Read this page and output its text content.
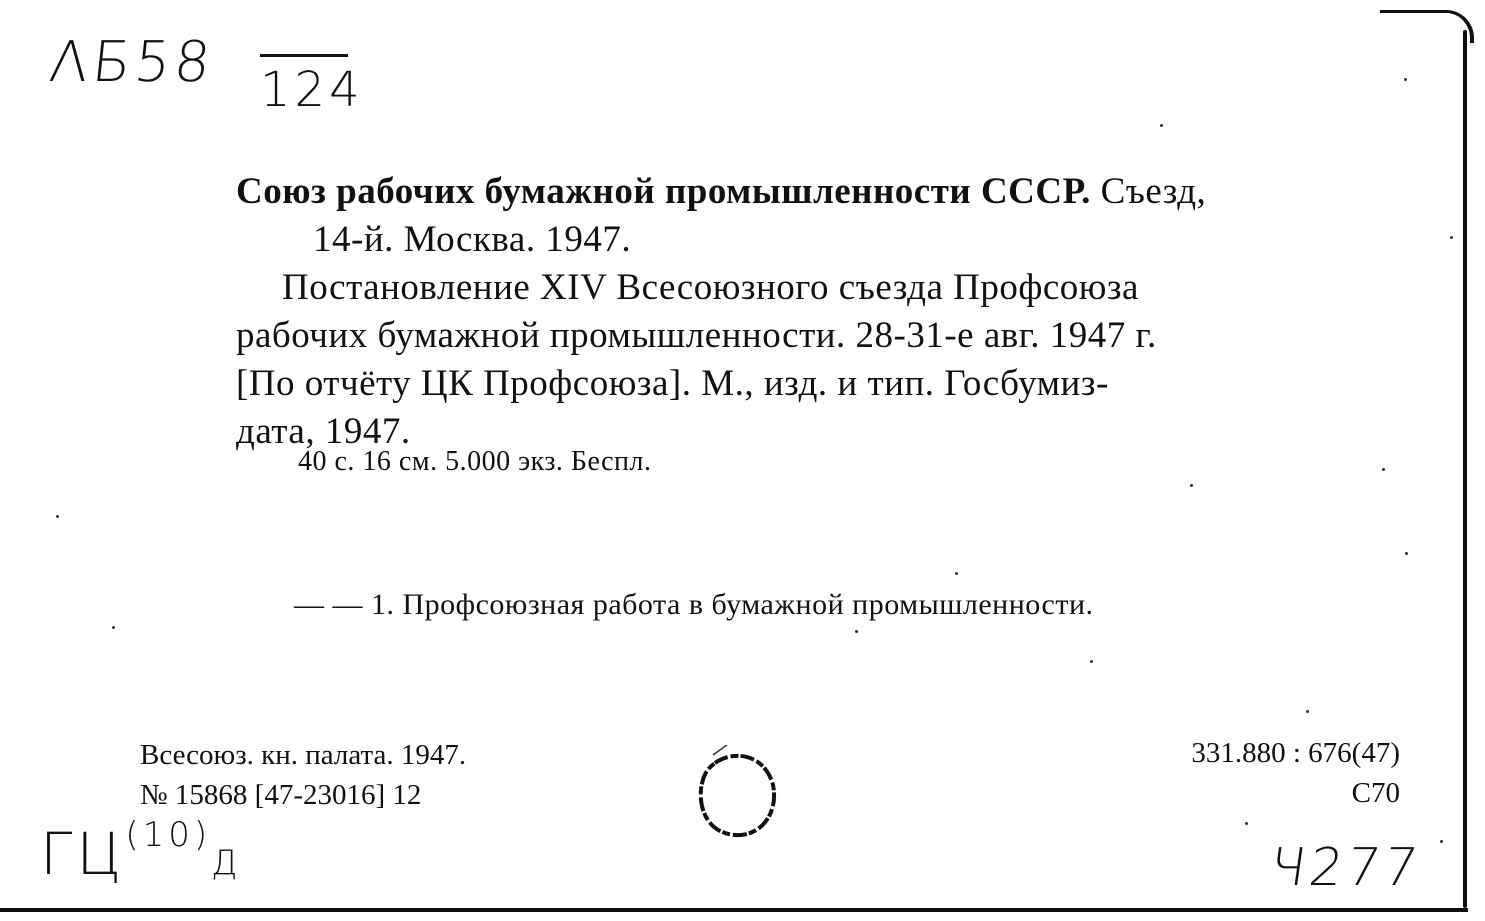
ΛБ58 124
Союз рабочих бумажной промышленности СССР. Съезд,
14-й. Москва. 1947.
Постановление XIV Всесоюзного съезда Профсоюза
рабочих бумажной промышленности. 28-31-е авг. 1947 г.
[По отчёту ЦК Профсоюза]. М., изд. и тип. Госбумиз-
дата, 1947.
40 с. 16 см. 5.000 экз. Беспл.
— — 1. Профсоюзная работа в бумажной промышленности.
Всесоюз. кн. палата. 1947.
№ 15868 [47-23016] 12
331.880 : 676(47)
С70
ГЦ$^{(10)}$Д	Ч277
